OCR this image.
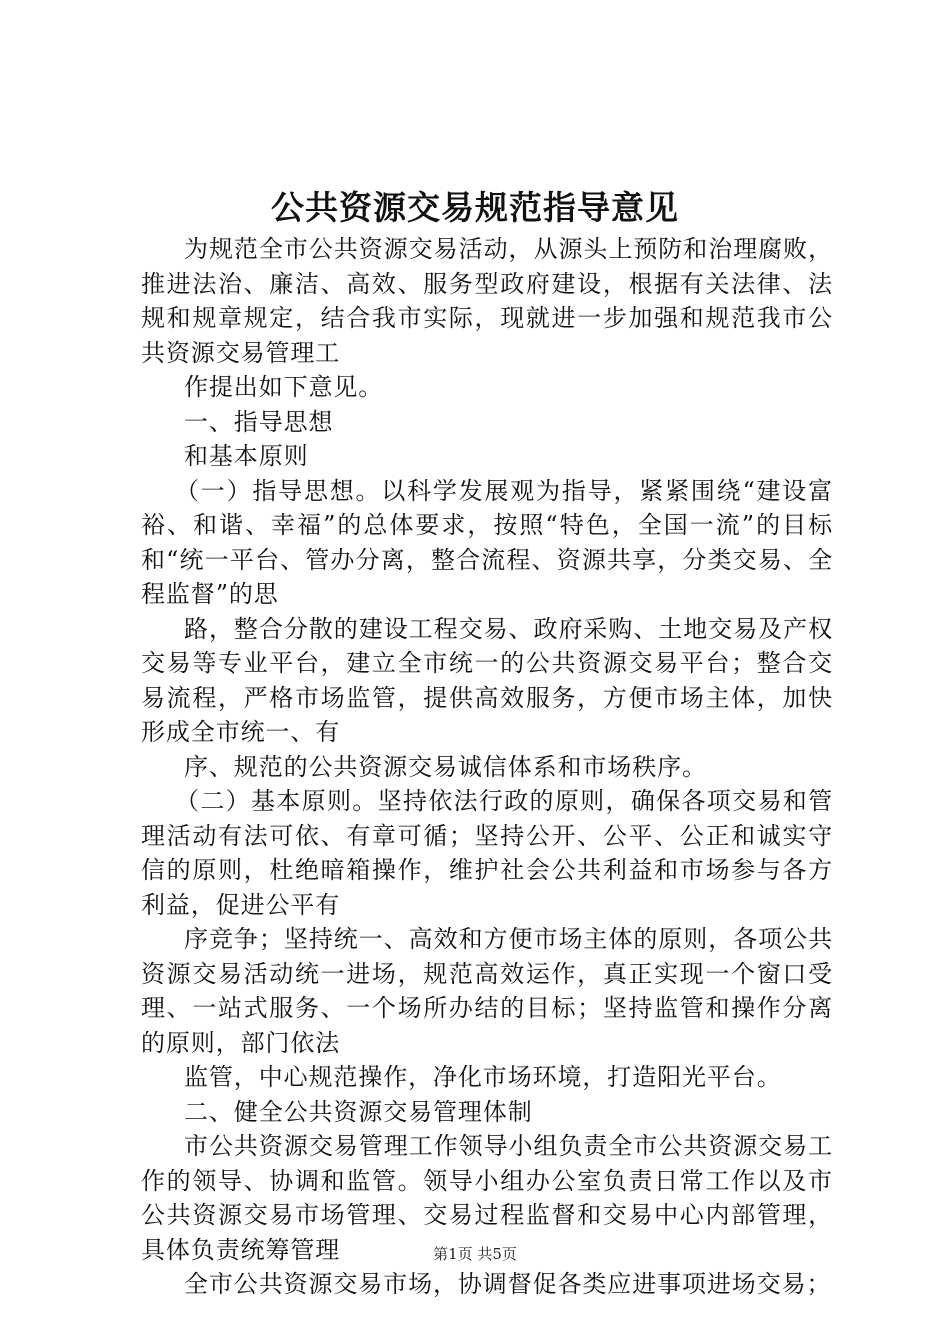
公共资源交易规范指导意见

为规范全市公共资源交易活动，从源头上预防和治理腐败，推进法治、廉洁、高效、服务型政府建设，根据有关法律、法规和规章规定，结合我市实际，现就进一步加强和规范我市公共资源交易管理工

作提出如下意见。

一、指导思想

和基本原则

（一）指导思想。以科学发展观为指导，紧紧围绕“建设富裕、和谐、幸福”的总体要求，按照“特色，全国一流”的目标和“统一平台、管办分离，整合流程、资源共享，分类交易、全程监督”的思

路，整合分散的建设工程交易、政府采购、土地交易及产权交易等专业平台，建立全市统一的公共资源交易平台；整合交易流程，严格市场监管，提供高效服务，方便市场主体，加快形成全市统一、有

序、规范的公共资源交易诚信体系和市场秩序。

（二）基本原则。坚持依法行政的原则，确保各项交易和管理活动有法可依、有章可循；坚持公开、公平、公正和诚实守信的原则，杜绝暗箱操作，维护社会公共利益和市场参与各方利益，促进公平有

序竞争；坚持统一、高效和方便市场主体的原则，各项公共资源交易活动统一进场，规范高效运作，真正实现一个窗口受理、一站式服务、一个场所办结的目标；坚持监管和操作分离的原则，部门依法

监管，中心规范操作，净化市场环境，打造阳光平台。

二、健全公共资源交易管理体制

市公共资源交易管理工作领导小组负责全市公共资源交易工作的领导、协调和监管。领导小组办公室负责日常工作以及市公共资源交易市场管理、交易过程监督和交易中心内部管理，具体负责统筹管理

全市公共资源交易市场，协调督促各类应进事项进场交易；

第1页 共5页
